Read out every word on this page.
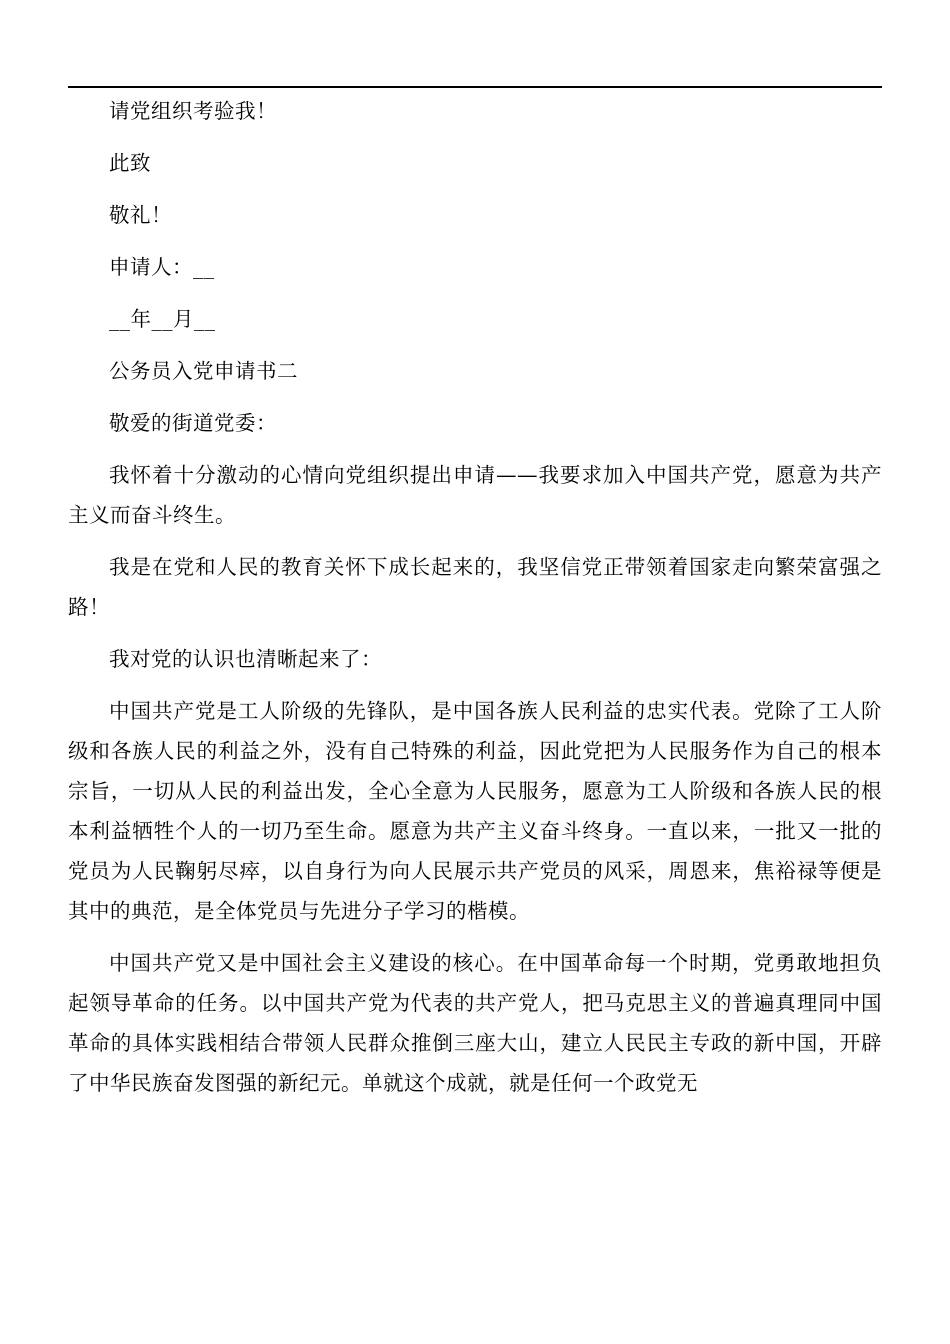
请党组织考验我！

此致

敬礼！

申请人：__

__年__月__

公务员入党申请书二

敬爱的街道党委：

我怀着十分激动的心情向党组织提出申请——我要求加入中国共产党，愿意为共产主义而奋斗终生。

我是在党和人民的教育关怀下成长起来的，我坚信党正带领着国家走向繁荣富强之路！

我对党的认识也清晰起来了：

中国共产党是工人阶级的先锋队，是中国各族人民利益的忠实代表。党除了工人阶级和各族人民的利益之外，没有自己特殊的利益，因此党把为人民服务作为自己的根本宗旨，一切从人民的利益出发，全心全意为人民服务，愿意为工人阶级和各族人民的根本利益牺牲个人的一切乃至生命。愿意为共产主义奋斗终身。一直以来，一批又一批的党员为人民鞠躬尽瘁，以自身行为向人民展示共产党员的风采，周恩来，焦裕禄等便是其中的典范，是全体党员与先进分子学习的楷模。

中国共产党又是中国社会主义建设的核心。在中国革命每一个时期，党勇敢地担负起领导革命的任务。以中国共产党为代表的共产党人，把马克思主义的普遍真理同中国革命的具体实践相结合带领人民群众推倒三座大山，建立人民民主专政的新中国，开辟了中华民族奋发图强的新纪元。单就这个成就，就是任何一个政党无
